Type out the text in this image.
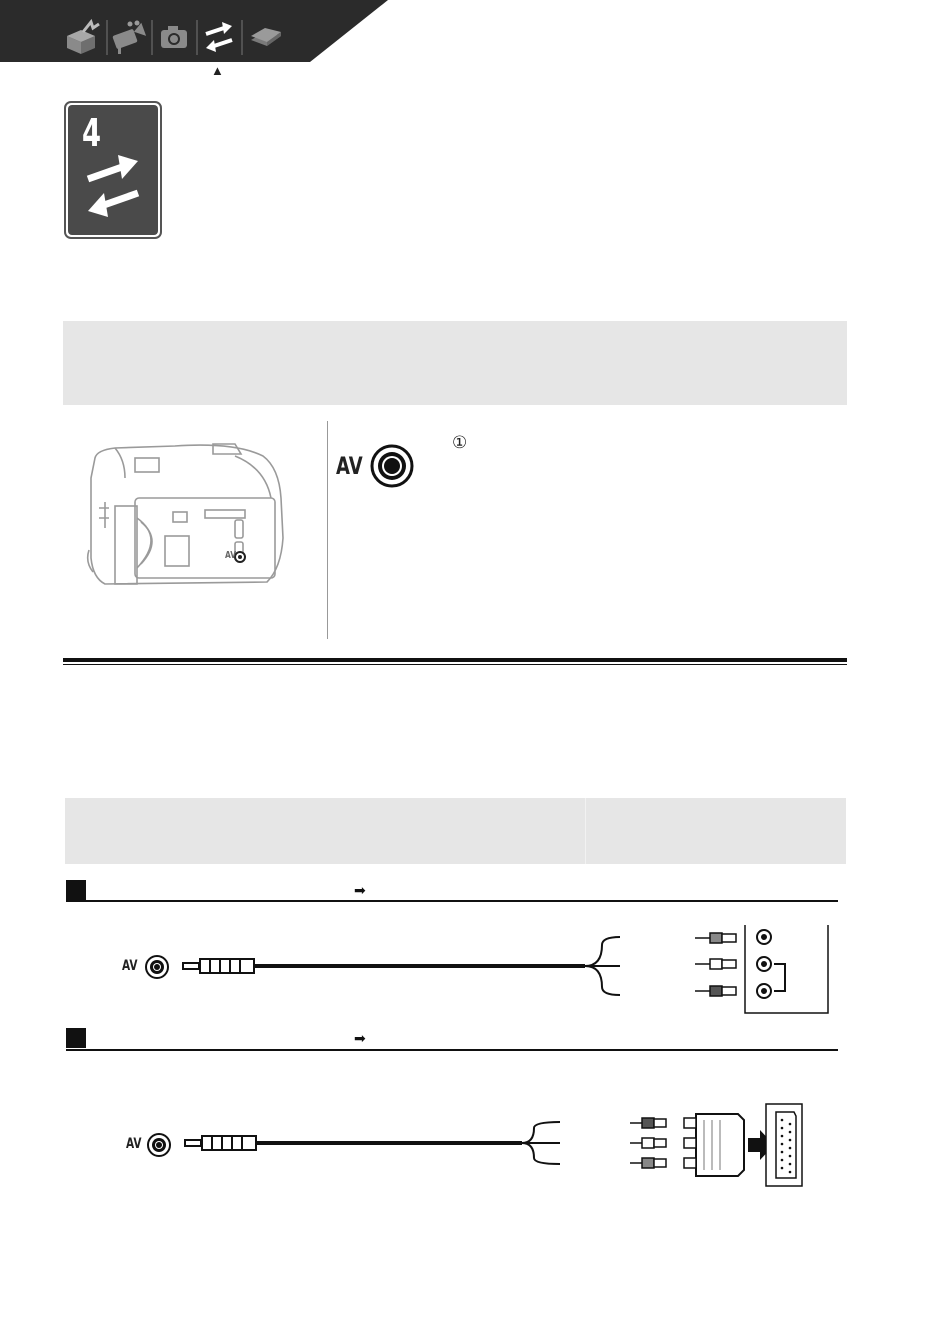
▲
4
AV
AV
①
➡
AV
➡
AV
